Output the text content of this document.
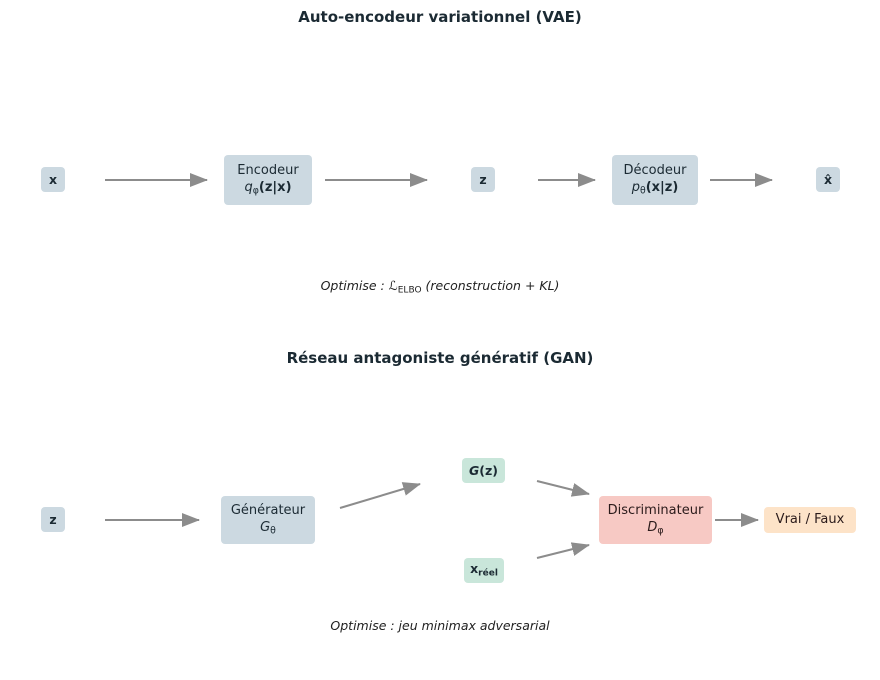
Auto-encodeur variationnel (VAE)
x
Encodeur
$q_\varphi(z|x)$
z
Décodeur
$p_\theta(x|z)$
x̂
Optimise : ℒ$_{ELBO}$ (reconstruction + KL)
Réseau antagoniste génératif (GAN)
z
Générateur
$G_\theta$
G(z)
$x_{réel}$
Discriminateur
$D_\varphi$
Vrai / Faux
Optimise : jeu minimax adversarial
